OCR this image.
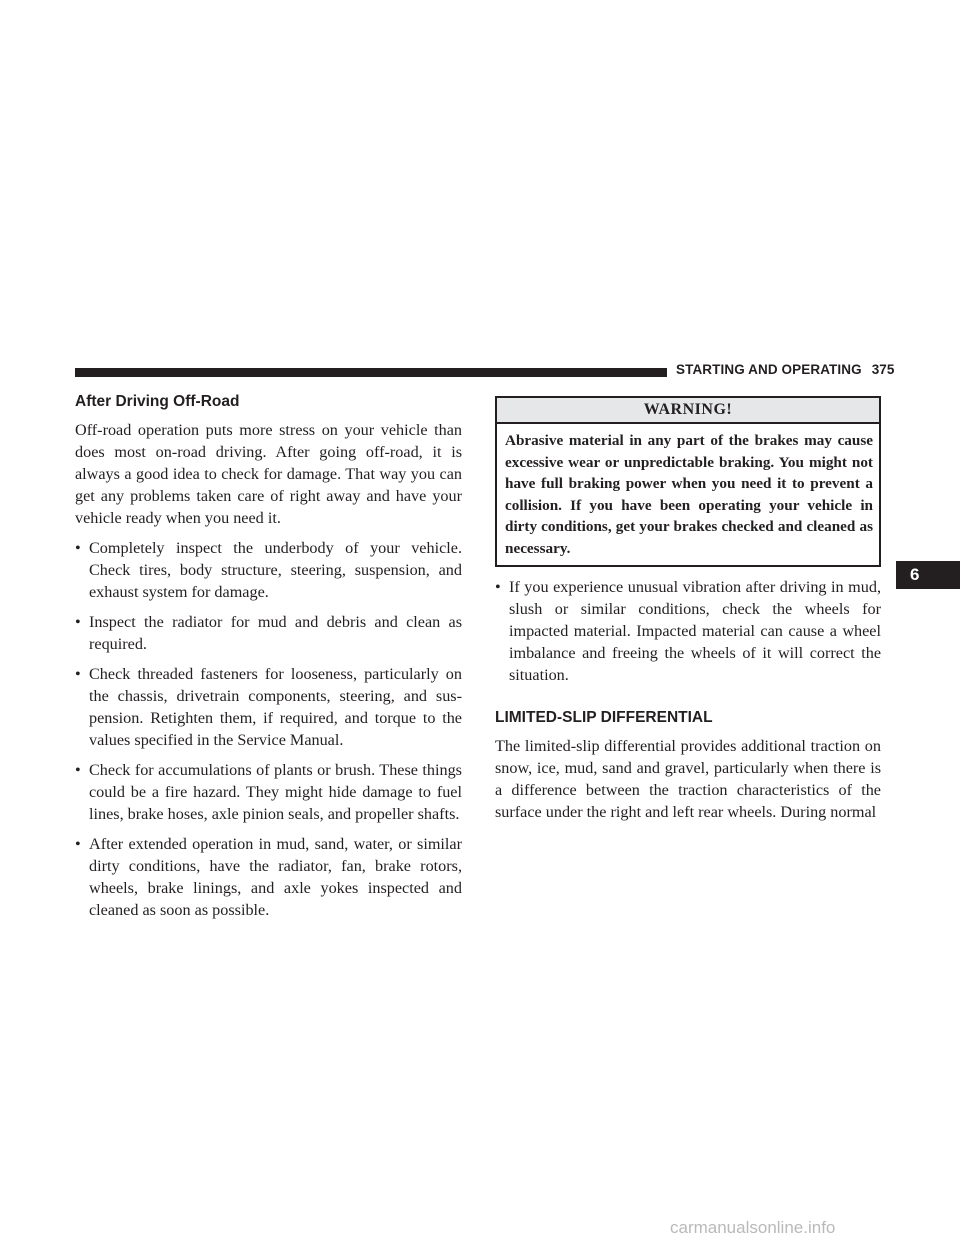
STARTING AND OPERATING 375
After Driving Off-Road

Off-road operation puts more stress on your vehicle than does most on-road driving. After going off-road, it is always a good idea to check for damage. That way you can get any problems taken care of right away and have your vehicle ready when you need it.

• Completely inspect the underbody of your vehicle. Check tires, body structure, steering, suspension, and exhaust system for damage.
• Inspect the radiator for mud and debris and clean as required.
• Check threaded fasteners for looseness, particularly on the chassis, drivetrain components, steering, and sus- pension. Retighten them, if required, and torque to the values specified in the Service Manual.
• Check for accumulations of plants or brush. These things could be a fire hazard. They might hide damage to fuel lines, brake hoses, axle pinion seals, and propeller shafts.
• After extended operation in mud, sand, water, or similar dirty conditions, have the radiator, fan, brake rotors, wheels, brake linings, and axle yokes inspected and cleaned as soon as possible.
WARNING!
Abrasive material in any part of the brakes may cause excessive wear or unpredictable braking. You might not have full braking power when you need it to prevent a collision. If you have been operating your vehicle in dirty conditions, get your brakes checked and cleaned as necessary.
• If you experience unusual vibration after driving in mud, slush or similar conditions, check the wheels for impacted material. Impacted material can cause a wheel imbalance and freeing the wheels of it will correct the situation.
LIMITED-SLIP DIFFERENTIAL

The limited-slip differential provides additional traction on snow, ice, mud, sand and gravel, particularly when there is a difference between the traction characteristics of the surface under the right and left rear wheels. During normal

6
carmanualsonline.info
